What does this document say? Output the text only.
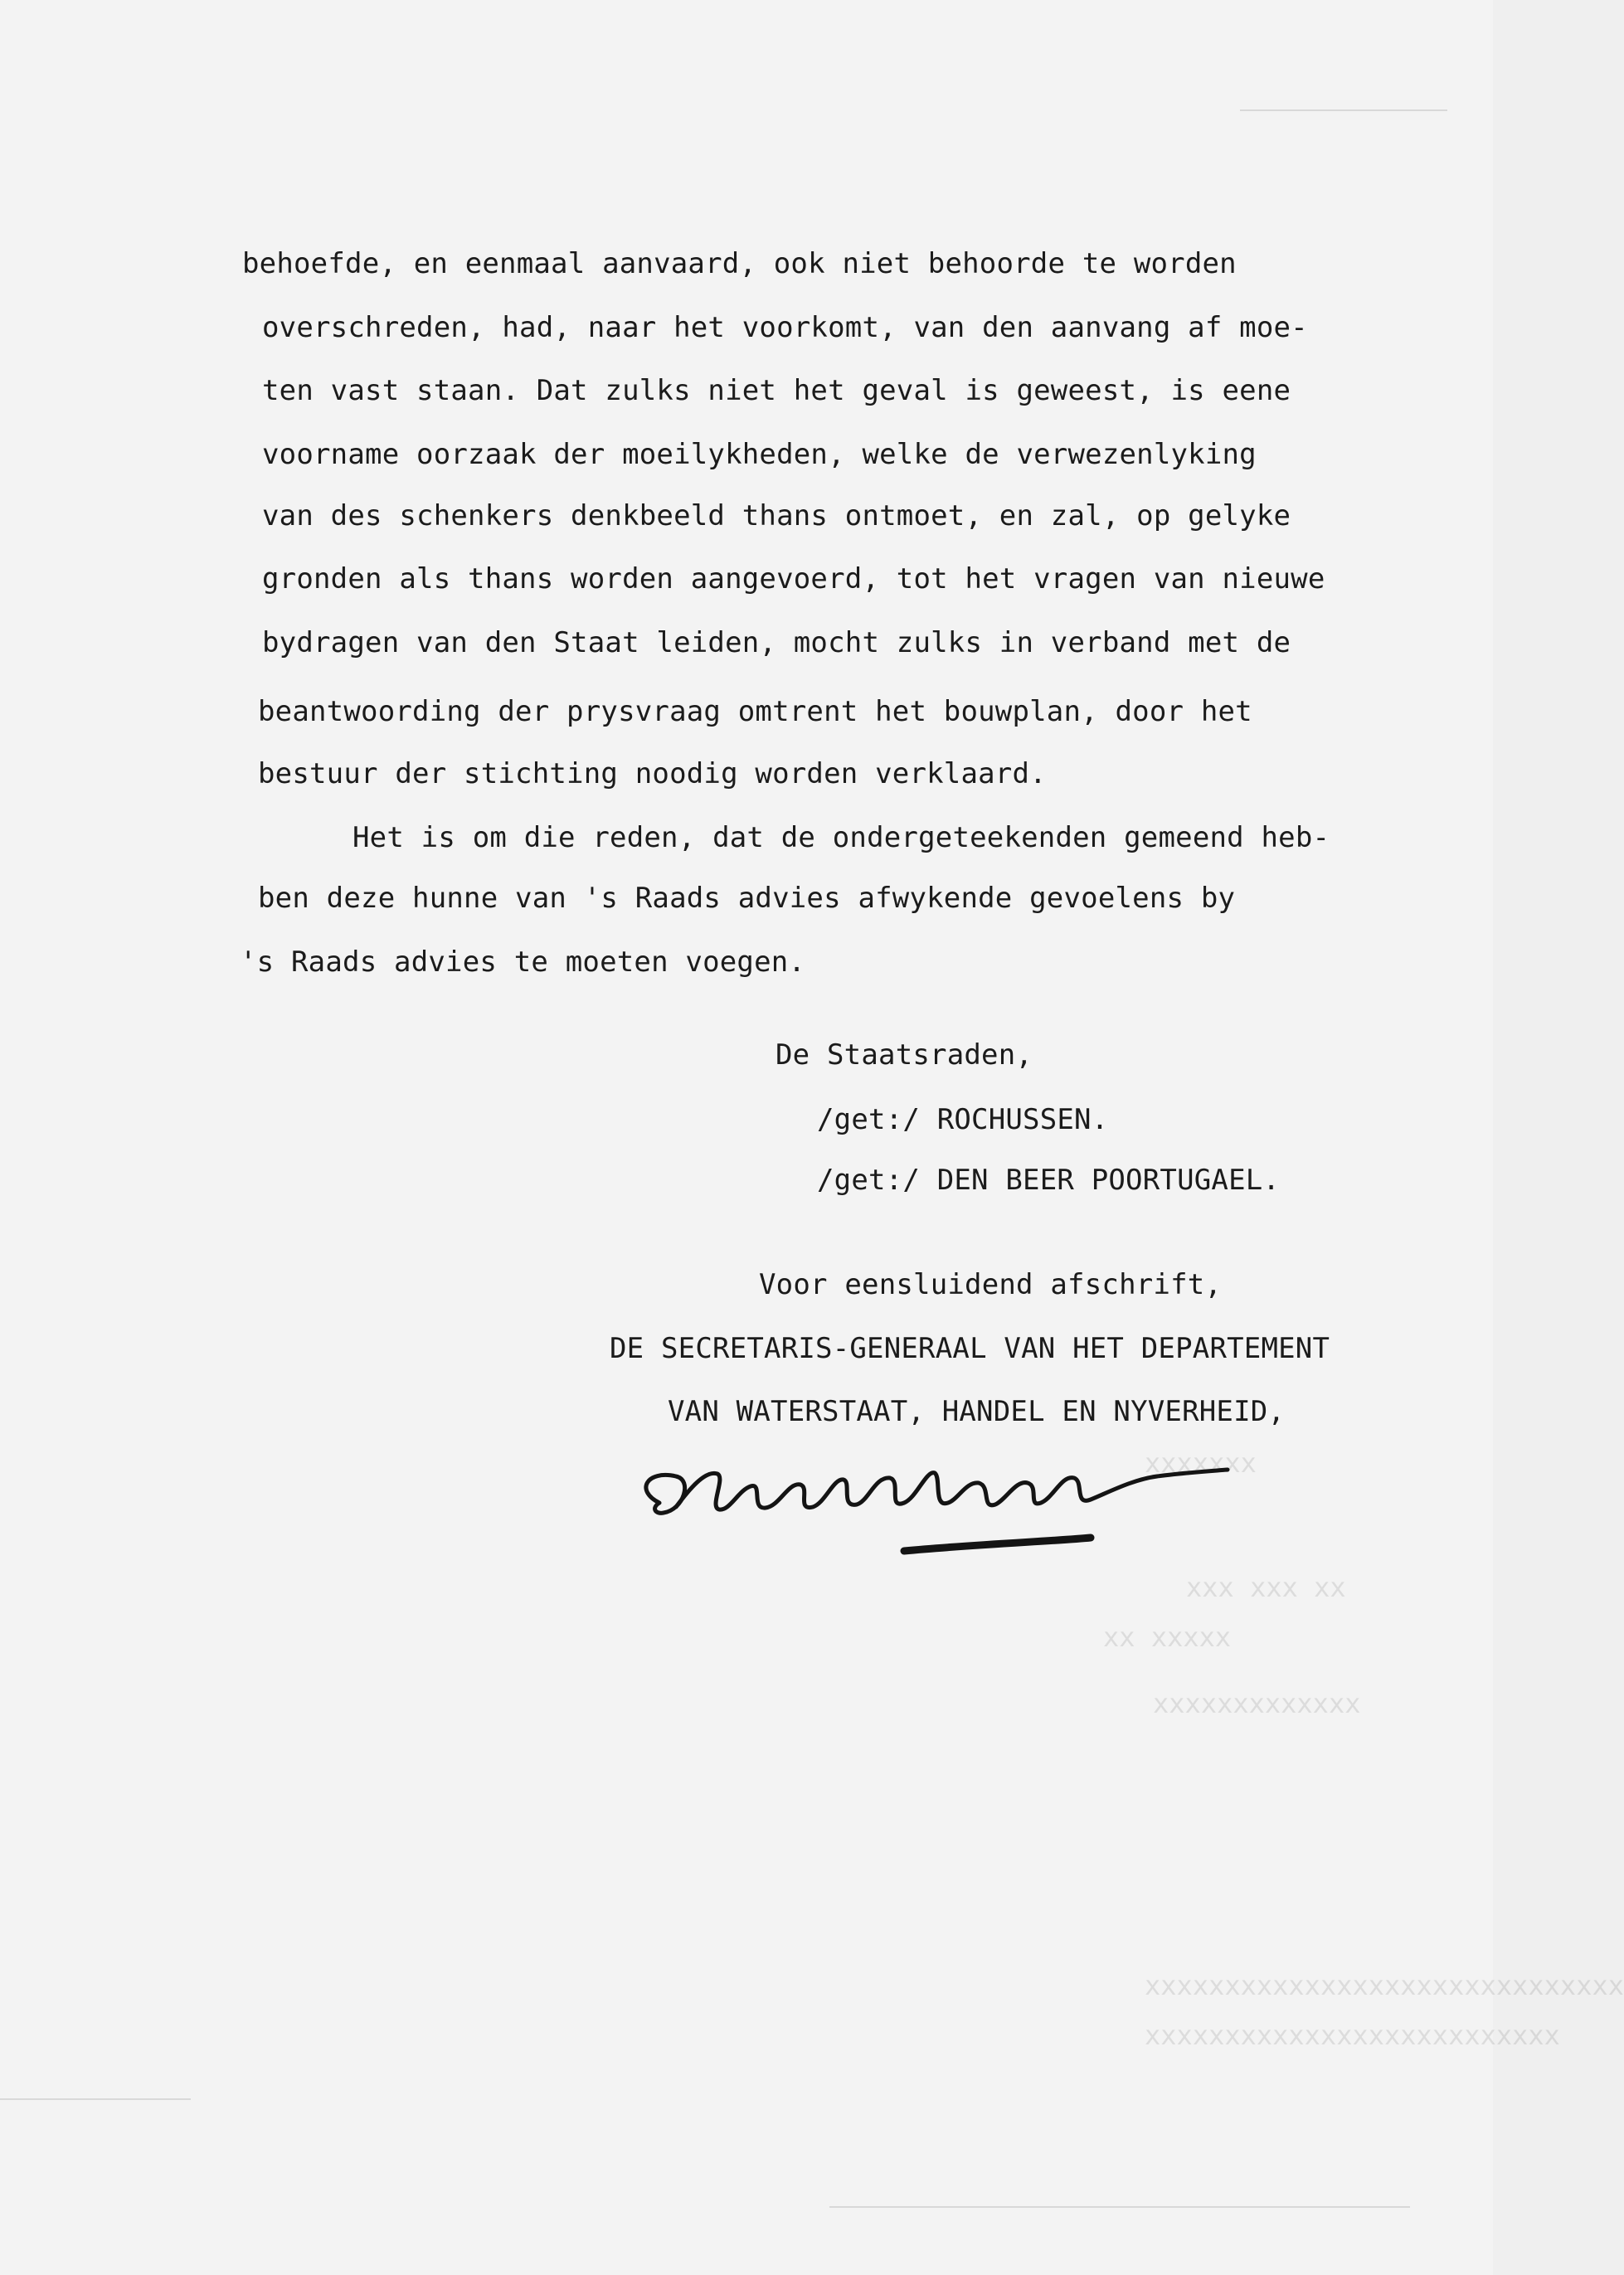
xxxxxxx
xx xxx xxx
xxxxxxxxxxxxx
xxxxx xx
xxxxxxxxxxxxxxxxxxxxxxxxxxxxxx
xxxxxxxxxxxxxxxxxxxxxxxxxx
behoefde, en eenmaal aanvaard, ook niet behoorde te worden
overschreden, had, naar het voorkomt, van den aanvang af moe-
ten vast staan. Dat zulks niet het geval is geweest, is eene
voorname oorzaak der moeilykheden, welke de verwezenlyking
van des schenkers denkbeeld thans ontmoet, en zal, op gelyke
gronden als thans worden aangevoerd, tot het vragen van nieuwe
bydragen van den Staat leiden, mocht zulks in verband met de
beantwoording der prysvraag omtrent het bouwplan, door het
bestuur der stichting noodig worden verklaard.
Het is om die reden, dat de ondergeteekenden gemeend heb-
ben deze hunne van 's Raads advies afwykende gevoelens by
's Raads advies te moeten voegen.
De Staatsraden,
/get:/ ROCHUSSEN.
/get:/ DEN BEER POORTUGAEL.
Voor eensluidend afschrift,
DE SECRETARIS-GENERAAL VAN HET DEPARTEMENT
VAN WATERSTAAT, HANDEL EN NYVERHEID,
